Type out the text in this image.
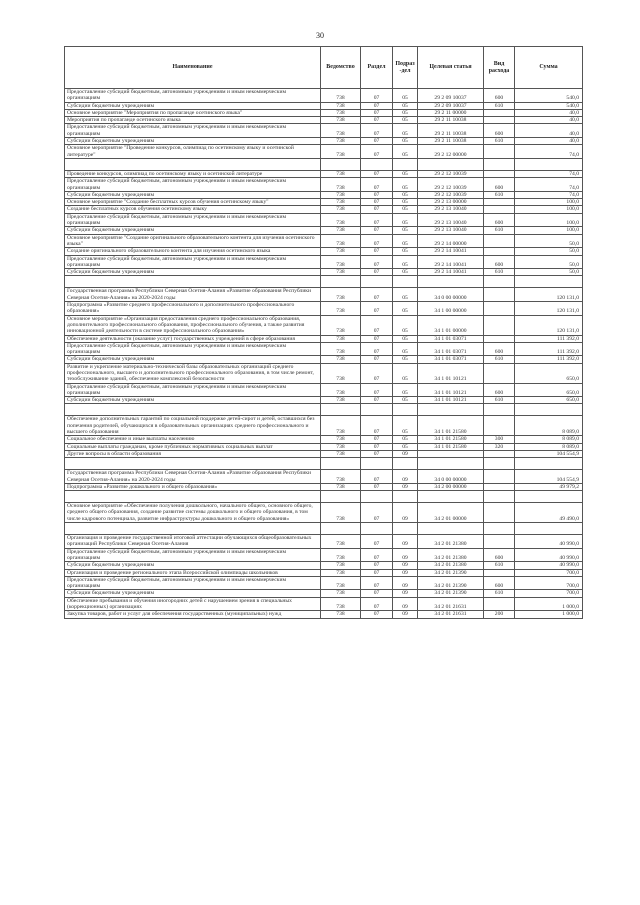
30
Наименование	Ведомство	Раздел	Подраз-дел	Целевая статья	Вид расхода	Сумма
Предоставление субсидий бюджетным, автономным учреждениям и иным некоммерческим организациям	738	07	05	29 2 09 10037	600	540,0
Субсидии бюджетным учреждениям	738	07	05	29 2 09 10037	610	540,0
Основное мероприятие "Мероприятия по пропаганде осетинского языка"	738	07	05	29 2 11 00000		40,0
Мероприятия по пропаганде осетинского языка	738	07	05	29 2 11 10038		40,0
Предоставление субсидий бюджетным, автономным учреждениям и иным некоммерческим организациям	738	07	05	29 2 11 10038	600	40,0
Субсидии бюджетным учреждениям	738	07	05	29 2 11 10038	610	40,0
Основное мероприятие "Проведение конкурсов, олимпиад по осетинскому языку и осетинской литературе"	738	07	05	29 2 12 00000		74,0

Проведение конкурсов, олимпиад по осетинскому языку и осетинской литературе	738	07	05	29 2 12 10039		74,0
Предоставление субсидий бюджетным, автономным учреждениям и иным некоммерческим организациям	738	07	05	29 2 12 10039	600	74,0
Субсидии бюджетным учреждениям	738	07	05	29 2 12 10039	610	74,0
Основное мероприятие "Создание бесплатных курсов обучения осетинскому языку"	738	07	05	29 2 13 00000		100,0
Создание бесплатных курсов обучения осетинскому языку	738	07	05	29 2 13 10040		100,0
Предоставление субсидий бюджетным, автономным учреждениям и иным некоммерческим организациям	738	07	05	29 2 13 10040	600	100,0
Субсидии бюджетным учреждениям	738	07	05	29 2 13 10040	610	100,0
Основное мероприятие "Создание оригинального образовательного контента для изучения осетинского языка"	738	07	05	29 2 14 00000		50,0
Создание оригинального образовательного контента для изучения осетинского языка	738	07	05	29 2 14 10041		50,0
Предоставление субсидий бюджетным, автономным учреждениям и иным некоммерческим организациям	738	07	05	29 2 14 10041	600	50,0
Субсидии бюджетным учреждениям	738	07	05	29 2 14 10041	610	50,0

Государственная программа Республики Северная Осетия-Алания «Развитие образования Республики Северная Осетия-Алания» на 2020-2024 годы	738	07	05	34 0 00 00000		120 131,0
Подпрограмма «Развитие среднего профессионального и дополнительного профессионального образования»	738	07	05	34 1 00 00000		120 131,0
Основное мероприятие «Организация предоставления среднего профессионального образования, дополнительного профессионального образования, профессионального обучения, а также развития инновационной деятельности в системе профессионального образования»	738	07	05	34 1 01 00000		120 131,0
Обеспечение деятельности (оказание услуг) государственных учреждений в сфере образования	738	07	05	34 1 01 03071		111 392,0
Предоставление субсидий бюджетным, автономным учреждениям и иным некоммерческим организациям	738	07	05	34 1 01 03071	600	111 392,0
Субсидии бюджетным учреждениям	738	07	05	34 1 01 03071	610	111 392,0
Развитие и укрепление материально-технической базы образовательных организаций среднего профессионального, высшего и дополнительного профессионального образования, в том числе ремонт, техобслуживание зданий, обеспечение комплексной безопасности	738	07	05	34 1 01 10121		650,0
Предоставление субсидий бюджетным, автономным учреждениям и иным некоммерческим организациям	738	07	05	34 1 01 10121	600	650,0
Субсидии бюджетным учреждениям	738	07	05	34 1 01 10121	610	650,0

Обеспечение дополнительных гарантий по социальной поддержке детей-сирот и детей, оставшихся без попечения родителей, обучающихся в образовательных организациях среднего профессионального и высшего образования	738	07	05	34 1 01 21580		8 089,0
Социальное обеспечение и иные выплаты населению	738	07	05	34 1 01 21580	300	8 089,0
Социальные выплаты гражданам, кроме публичных нормативных социальных выплат	738	07	05	34 1 01 21580	320	8 089,0
Другие вопросы в области образования	738	07	09			104 554,9

Государственная программа Республики Северная Осетия-Алания «Развитие образования Республики Северная Осетия-Алания» на 2020-2024 годы	738	07	09	34 0 00 00000		104 554,9
Подпрограмма «Развитие дошкольного и общего образования»	738	07	09	34 2 00 00000		49 979,2

Основное мероприятие «Обеспечение получения дошкольного, начального общего, основного общего, среднего общего образования, создание развитие системы дошкольного и общего образования, в том числе кадрового потенциала, развитие инфраструктуры дошкольного и общего образования»	738	07	09	34 2 01 00000		49 490,0

Организация и проведение государственной итоговой аттестации обучающихся общеобразовательных организаций Республики Северная Осетия-Алания	738	07	09	34 2 01 21380		40 990,0
Предоставление субсидий бюджетным, автономным учреждениям и иным некоммерческим организациям	738	07	09	34 2 01 21380	600	40 990,0
Субсидии бюджетным учреждениям	738	07	09	34 2 01 21380	610	40 990,0
Организация и проведение регионального этапа Всероссийской олимпиады школьников	738	07	09	34 2 01 21390		700,0
Предоставление субсидий бюджетным, автономным учреждениям и иным некоммерческим организациям	738	07	09	34 2 01 21390	600	700,0
Субсидии бюджетным учреждениям	738	07	09	34 2 01 21390	610	700,0
Обеспечение пребывания и обучения иногородних детей с нарушением зрения в специальных (коррекционных) организациях	738	07	09	34 2 01 21631		1 000,0
Закупка товаров, работ и услуг для обеспечения государственных (муниципальных) нужд	738	07	09	34 2 01 21631	200	1 000,0
